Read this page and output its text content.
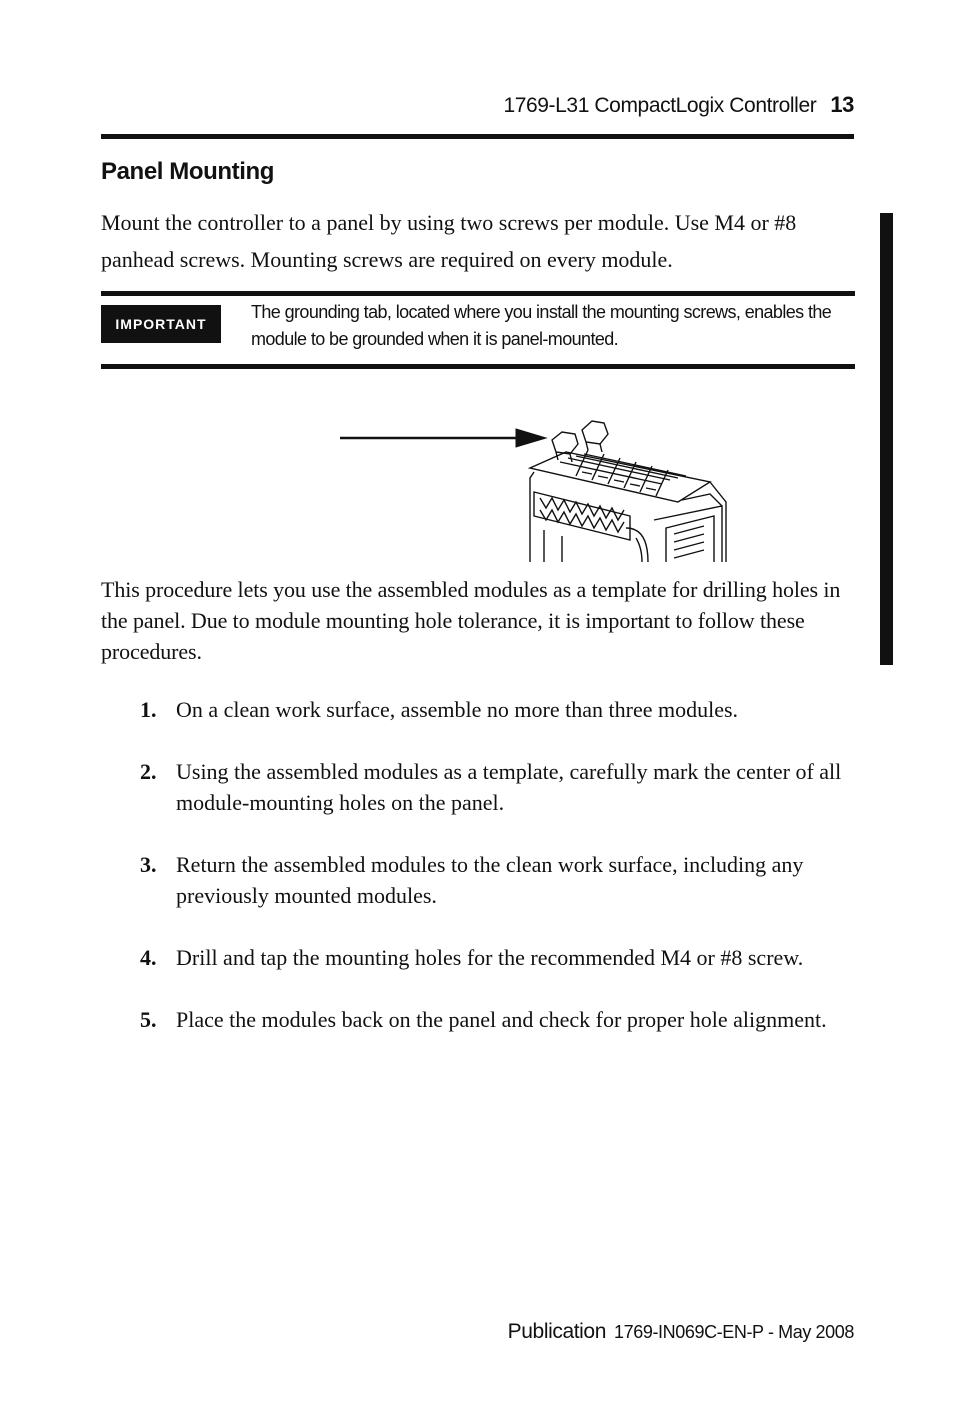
1769-L31 CompactLogix Controller 13
Panel Mounting

Mount the controller to a panel by using two screws per module. Use M4 or #8 panhead screws. Mounting screws are required on every module.

IMPORTANT

The grounding tab, located where you install the mounting screws, enables the module to be grounded when it is panel-mounted.

This procedure lets you use the assembled modules as a template for drilling holes in the panel. Due to module mounting hole tolerance, it is important to follow these procedures.

1. On a clean work surface, assemble no more than three modules.
2. Using the assembled modules as a template, carefully mark the center of all module-mounting holes on the panel.
3. Return the assembled modules to the clean work surface, including any previously mounted modules.
4. Drill and tap the mounting holes for the recommended M4 or #8 screw.
5. Place the modules back on the panel and check for proper hole alignment.
Publication 1769-IN069C-EN-P - May 2008
